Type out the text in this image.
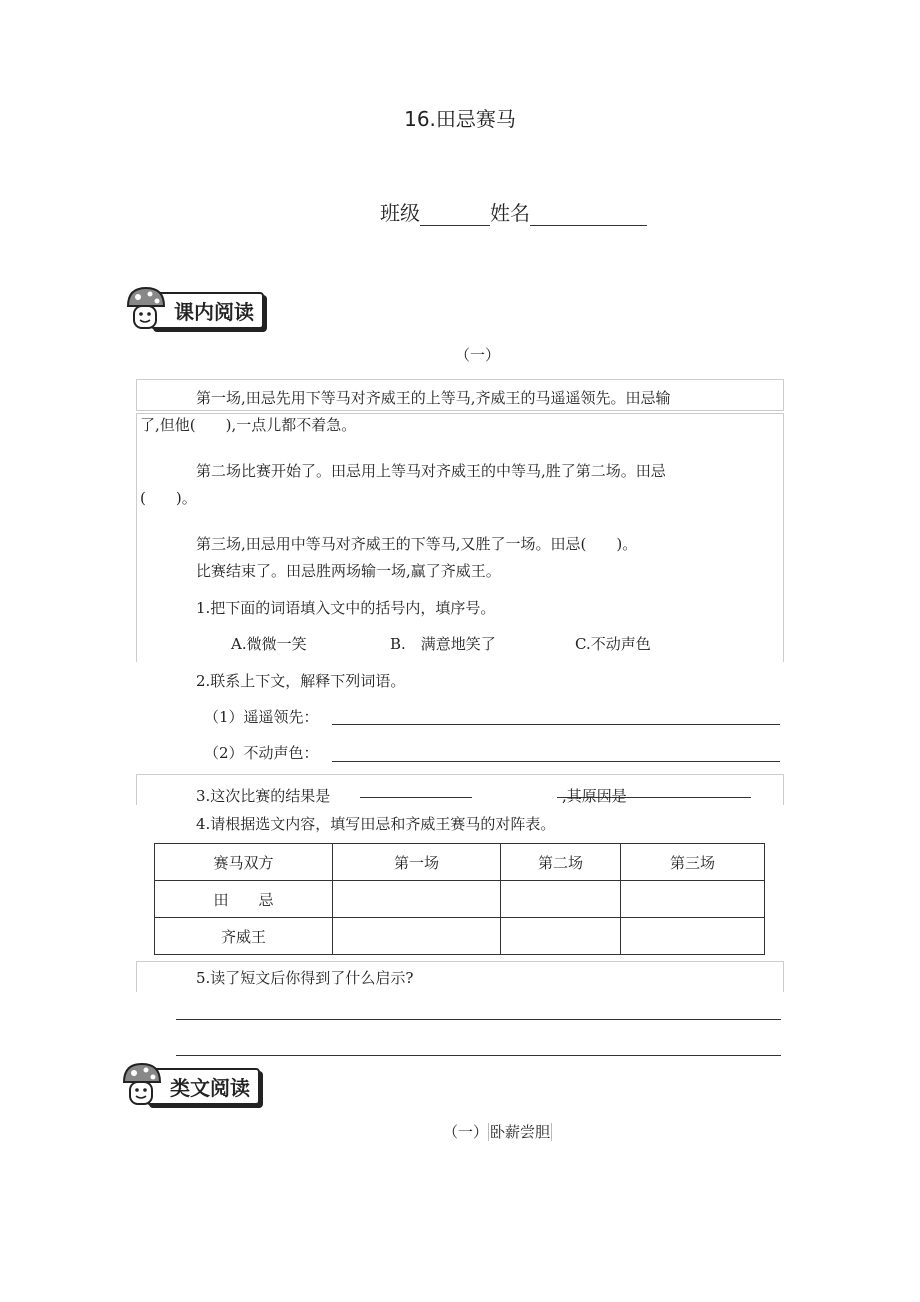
16.田忌赛马
班级	姓名
课内阅读
（一）
第一场,田忌先用下等马对齐威王的上等马,齐威王的马遥遥领先。田忌输
了,但他(　　),一点儿都不着急。
第二场比赛开始了。田忌用上等马对齐威王的中等马,胜了第二场。田忌
(　　)。
第三场,田忌用中等马对齐威王的下等马,又胜了一场。田忌(　　)。
比赛结束了。田忌胜两场输一场,赢了齐威王。
1.把下面的词语填入文中的括号内，填序号。
A.微微一笑	B.　满意地笑了	C.不动声色
2.联系上下文，解释下列词语。
（1）遥遥领先：
（2）不动声色：
3.这次比赛的结果是	,其原因是
4.请根据选文内容，填写田忌和齐威王赛马的对阵表。
赛马双方	第一场	第二场	第三场
田　　忌			
齐威王			
5.读了短文后你得到了什么启示?
类文阅读
（一） 卧薪尝胆
